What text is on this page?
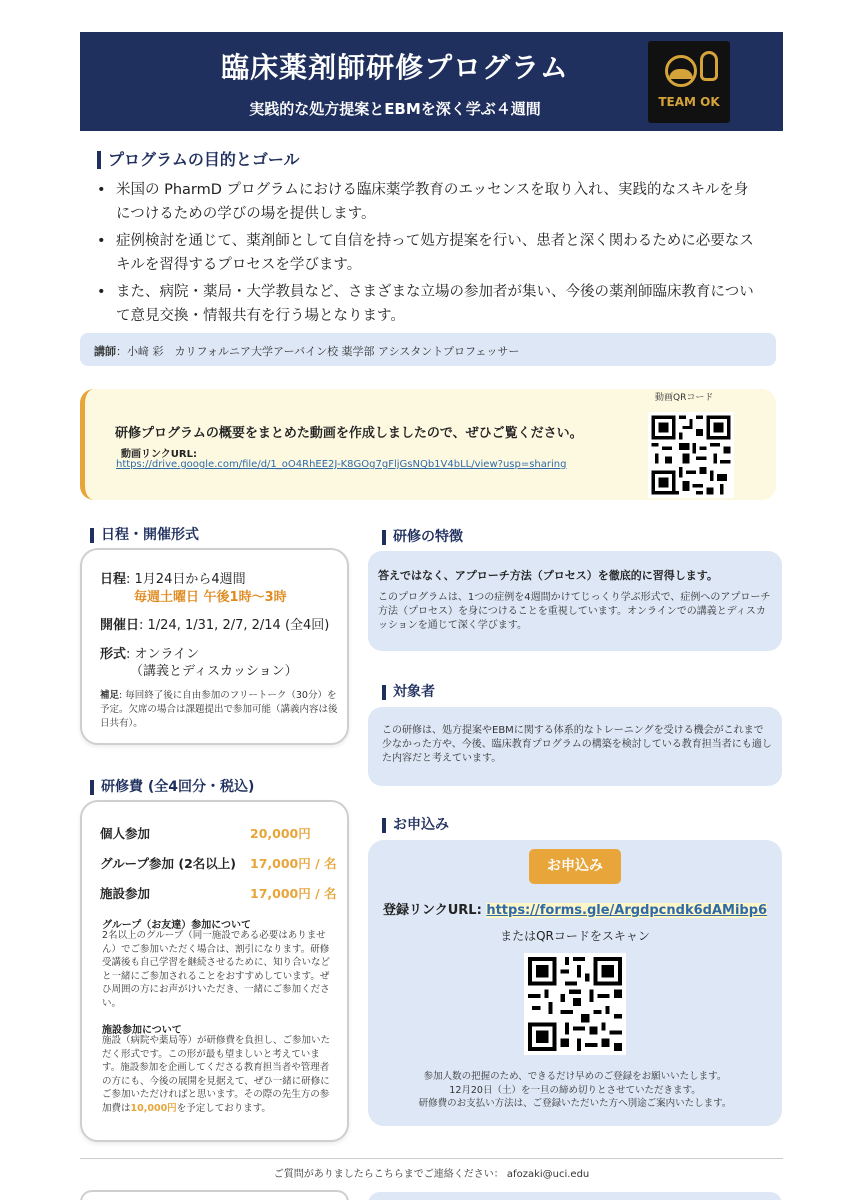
臨床薬剤師研修プログラム
実践的な処方提案とEBMを深く学ぶ４週間	TEAM OK
プログラムの目的とゴール
• 米国の PharmD プログラムにおける臨床薬学教育のエッセンスを取り入れ、実践的なスキルを身につけるための学びの場を提供します。
• 症例検討を通じて、薬剤師として自信を持って処方提案を行い、患者と深く関わるために必要なスキルを習得するプロセスを学びます。
• また、病院・薬局・大学教員など、さまざまな立場の参加者が集い、今後の薬剤師臨床教育について意見交換・情報共有を行う場となります。
講師：小﨑 彩　カリフォルニア大学アーバイン校 薬学部 アシスタントプロフェッサー
研修プログラムの概要をまとめた動画を作成しましたので、ぜひご覧ください。
動画リンクURL:
https://drive.google.com/file/d/1_oO4RhEE2J-K8GOg7gFljGsNQb1V4bLL/view?usp=sharing
動画QRコード
日程・開催形式
日程: 1月24日から4週間
毎週土曜日 午後1時〜3時
開催日: 1/24, 1/31, 2/7, 2/14 (全4回)
形式: オンライン
（講義とディスカッション）
補足: 毎回終了後に自由参加のフリートーク（30分）を予定。欠席の場合は課題提出で参加可能（講義内容は後日共有）。
研修費 (全4回分・税込)
個人参加	20,000円
グループ参加 (2名以上) 17,000円 / 名
施設参加	17,000円 / 名
グループ（お友達）参加について
2名以上のグループ（同一施設である必要はありません）でご参加いただく場合は、割引になります。研修受講後も自己学習を継続させるために、知り合いなどと一緒にご参加されることをおすすめしています。ぜひ周囲の方にお声がけいただき、一緒にご参加ください。
施設参加について
施設（病院や薬局等）が研修費を負担し、ご参加いただく形式です。この形が最も望ましいと考えています。施設参加を企画してくださる教育担当者や管理者の方にも、今後の展開を見据えて、ぜひ一緒に研修にご参加いただければと思います。その際の先生方の参加費は10,000円を予定しております。
研修の特徴
答えではなく、アプローチ方法（プロセス）を徹底的に習得します。
このプログラムは、1つの症例を4週間かけてじっくり学ぶ形式で、症例へのアプローチ方法（プロセス）を身につけることを重視しています。オンラインでの講義とディスカッションを通じて深く学びます。
対象者
この研修は、処方提案やEBMに関する体系的なトレーニングを受ける機会がこれまで少なかった方や、今後、臨床教育プログラムの構築を検討している教育担当者にも適した内容だと考えています。
お申込み
お申込み
登録リンクURL: https://forms.gle/Argdpcndk6dAMibp6
またはQRコードをスキャン
参加人数の把握のため、できるだけ早めのご登録をお願いいたします。
12月20日（土）を一旦の締め切りとさせていただきます。
研修費のお支払い方法は、ご登録いただいた方へ別途ご案内いたします。
ご質問がありましたらこちらまでご連絡ください： afozaki@uci.edu
